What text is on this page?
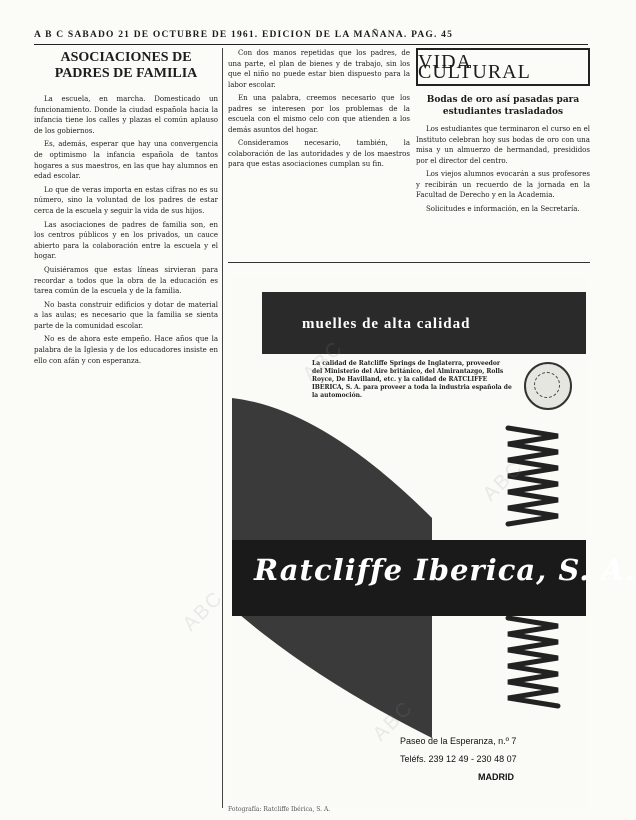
A B C SABADO 21 DE OCTUBRE DE 1961. EDICION DE LA MAÑANA. PAG. 45
ASOCIACIONES DE PADRES DE FAMILIA

La escuela, en marcha. Domesticado un funcionamiento. Donde la ciudad española hacia la infancia tiene los calles y plazas el común aplauso de los gobiernos.

Es, además, esperar que hay una convergencia de optimismo la infancia española de tantos hogares a sus maestros, en las que hay alumnos en edad escolar.

Lo que de veras importa en estas cifras no es su número, sino la voluntad de los padres de estar cerca de la escuela y seguir la vida de sus hijos.

Las asociaciones de padres de familia son, en los centros públicos y en los privados, un cauce abierto para la colaboración entre la escuela y el hogar.

Quisiéramos que estas líneas sirvieran para recordar a todos que la obra de la educación es tarea común de la escuela y de la familia.

No basta construir edificios y dotar de material a las aulas; es necesario que la familia se sienta parte de la comunidad escolar.

No es de ahora este empeño. Hace años que la palabra de la Iglesia y de los educadores insiste en ello con afán y con esperanza.

Con dos manos repetidas que los padres, de una parte, el plan de bienes y de trabajo, sin los que el niño no puede estar bien dispuesto para la labor escolar.

En una palabra, creemos necesario que los padres se interesen por los problemas de la escuela con el mismo celo con que atienden a los demás asuntos del hogar.

Consideramos necesario, también, la colaboración de las autoridades y de los maestros para que estas asociaciones cumplan su fin.

VIDA CULTURAL
Bodas de oro así pasadas para estudiantes trasladados

Los estudiantes que terminaron el curso en el Instituto celebran hoy sus bodas de oro con una misa y un almuerzo de hermandad, presididos por el director del centro.

Los viejos alumnos evocarán a sus profesores y recibirán un recuerdo de la jornada en la Facultad de Derecho y en la Academia.

Solicitudes e información, en la Secretaría.

muelles de alta calidad
La calidad de Ratcliffe Springs de Inglaterra, proveedor del Ministerio del Aire británico, del Almirantazgo, Rolls Royce, De Havilland, etc. y la calidad de RATCLIFFE IBERICA, S. A. para proveer a toda la industria española de la automoción.
Ratcliffe Iberica, S. A.
Paseo de la Esperanza, n.º 7
Teléfs. 239 12 49 - 230 48 07
MADRID
ABC
Fotografía: Ratcliffe Ibérica, S. A.
